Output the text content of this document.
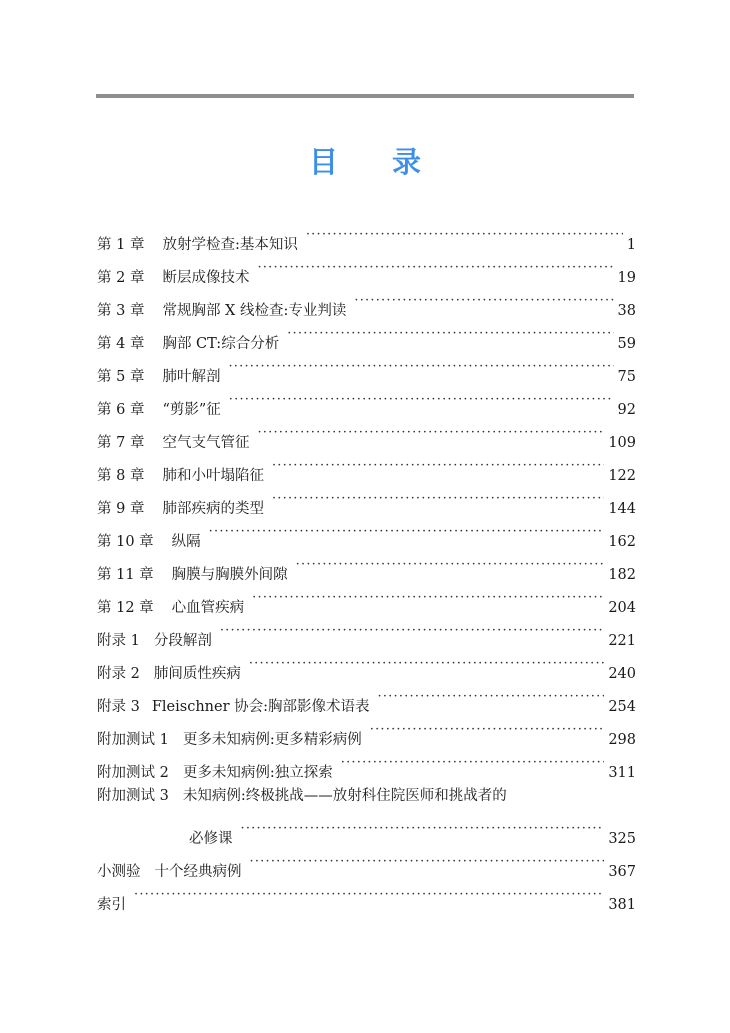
目 录
第 1 章 放射学检查:基本知识 ·····	1
第 2 章 断层成像技术 ·····	19
第 3 章 常规胸部 X 线检查:专业判读 ·····	38
第 4 章 胸部 CT:综合分析 ·····	59
第 5 章 肺叶解剖 ·····	75
第 6 章 “剪影”征 ·····	92
第 7 章 空气支气管征 ·····	109
第 8 章 肺和小叶塌陷征 ·····	122
第 9 章 肺部疾病的类型 ·····	144
第 10 章 纵隔 ·····	162
第 11 章 胸膜与胸膜外间隙 ·····	182
第 12 章 心血管疾病 ·····	204
附录 1 分段解剖 ·····	221
附录 2 肺间质性疾病 ·····	240
附录 3 Fleischner 协会:胸部影像术语表 ·····	254
附加测试 1 更多未知病例:更多精彩病例 ·····	298
附加测试 2 更多未知病例:独立探索 ·····	311
附加测试 3 未知病例:终极挑战——放射科住院医师和挑战者的
必修课 ·····	325
小测验 十个经典病例 ·····	367
索引 ·····	381
